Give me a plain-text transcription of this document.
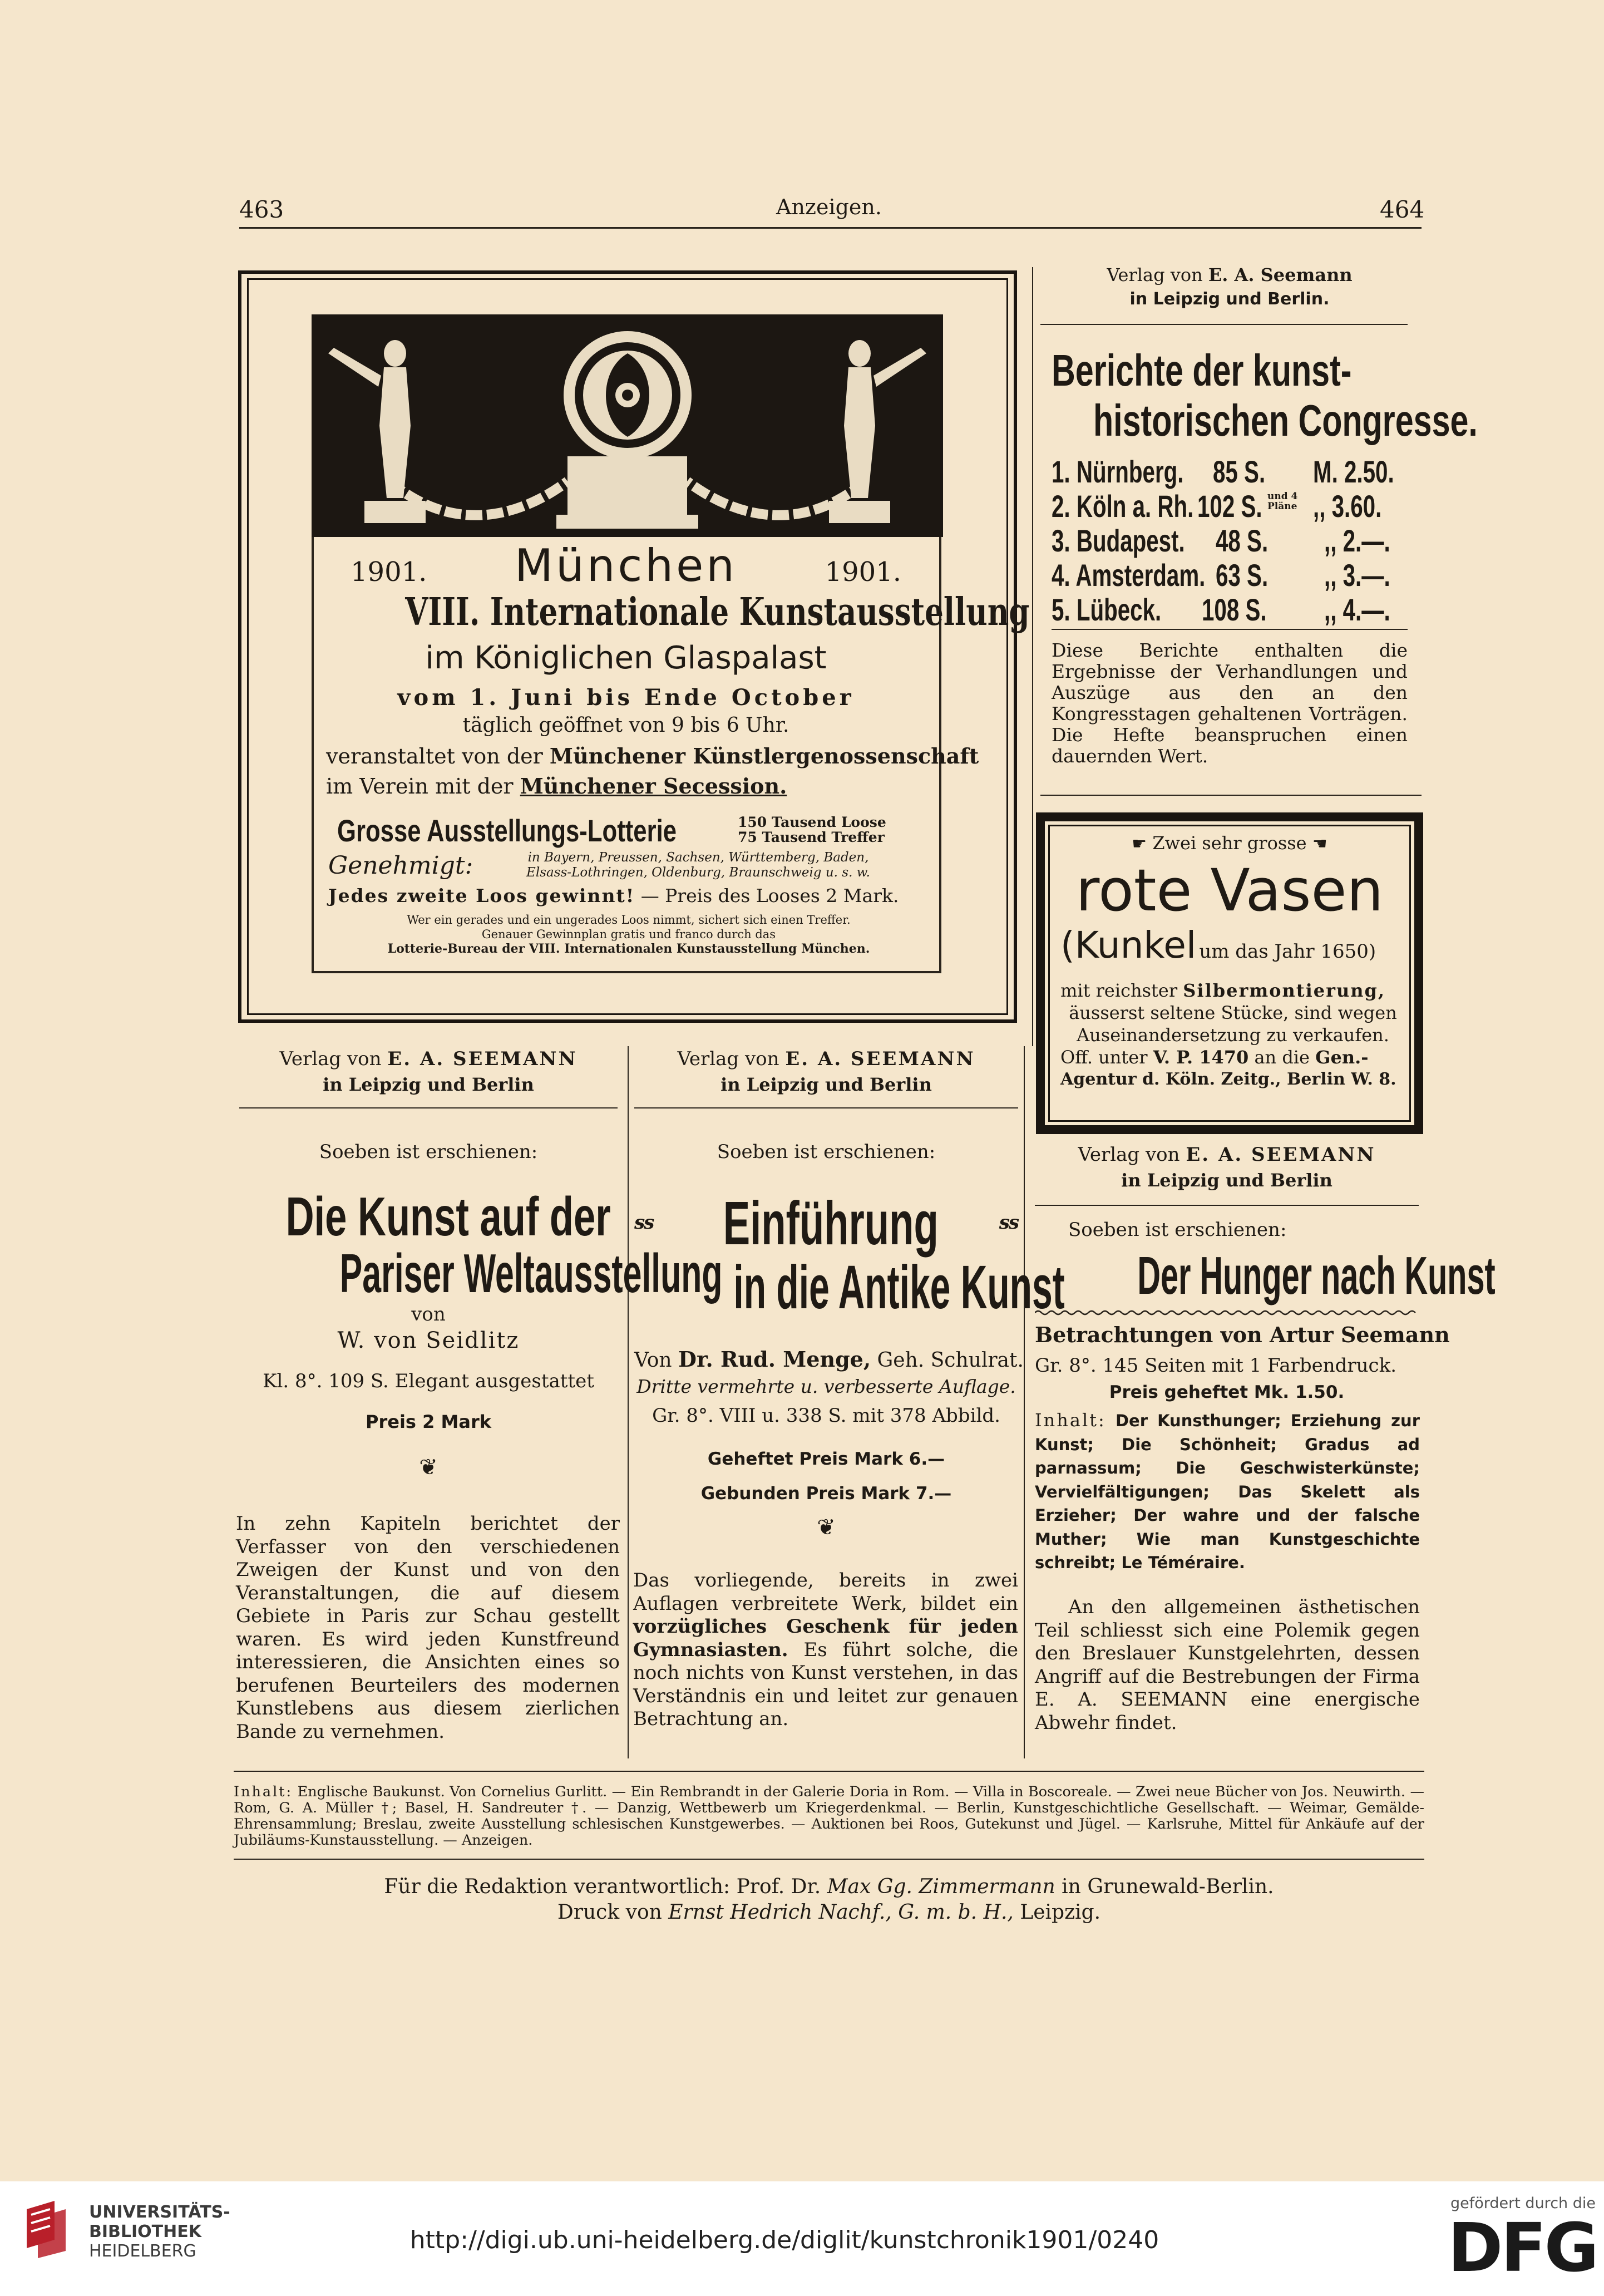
463	Anzeigen.	464
1901. München	1901.
VIII. Internationale Kunstausstellung
im Königlichen Glaspalast
vom 1. Juni bis Ende October
täglich geöffnet von 9 bis 6 Uhr.
veranstaltet von der Münchener Künstlergenossenschaft
im Verein mit der Münchener Secession.
Grosse Ausstellungs-Lotterie	150 Tausend Loose
75 Tausend Treffer
Genehmigt:	in Bayern, Preussen, Sachsen, Württemberg, Baden,
Elsass-Lothringen, Oldenburg, Braunschweig u. s. w.
Jedes zweite Loos gewinnt! — Preis des Looses 2 Mark.
Wer ein gerades und ein ungerades Loos nimmt, sichert sich einen Treffer.
Genauer Gewinnplan gratis und franco durch das
Lotterie-Bureau der VIII. Internationalen Kunstausstellung München.
Verlag von E. A. Seemann
in Leipzig und Berlin.
Berichte der kunst-
historischen Congresse.
1. Nürnberg. 85 S. M. 2.50.
2. Köln a. Rh. 102 S. und 4 Pläne ,, 3.60.
3. Budapest. 48 S. ,, 2.—.
4. Amsterdam. 63 S. ,, 3.—.
5. Lübeck. 108 S. ,, 4.—.
Diese Berichte enthalten die Ergebnisse der Verhandlungen und Auszüge aus den an den Kongresstagen gehaltenen Vorträgen. Die Hefte beanspruchen einen dauernden Wert.
☛ Zwei sehr grosse ☚
rote Vasen
(Kunkel um das Jahr 1650)
mit reichster Silbermontierung,
äusserst seltene Stücke, sind wegen
Auseinandersetzung zu verkaufen.
Off. unter V. P. 1470 an die Gen.-
Agentur d. Köln. Zeitg., Berlin W. 8.
Verlag von E. A. SEEMANN
in Leipzig und Berlin
Soeben ist erschienen:
Die Kunst auf der
Pariser Weltausstellung
von
W. von Seidlitz
Kl. 8°. 109 S. Elegant ausgestattet
Preis 2 Mark
❦
In zehn Kapiteln berichtet der Verfasser von den verschiedenen Zweigen der Kunst und von den Veranstaltungen, die auf diesem Gebiete in Paris zur Schau gestellt waren. Es wird jeden Kunstfreund interessieren, die Ansichten eines so berufenen Beurteilers des modernen Kunstlebens aus diesem zierlichen Bande zu vernehmen.
Verlag von E. A. SEEMANN
in Leipzig und Berlin
Soeben ist erschienen:
ss	Einführung	ss
in die Antike Kunst
Von Dr. Rud. Menge, Geh. Schulrat.
Dritte vermehrte u. verbesserte Auflage.
Gr. 8°. VIII u. 338 S. mit 378 Abbild.
Geheftet Preis Mark 6.—
Gebunden Preis Mark 7.—
❦
Das vorliegende, bereits in zwei Auflagen verbreitete Werk, bildet ein vorzügliches Geschenk für jeden Gymnasiasten. Es führt solche, die noch nichts von Kunst verstehen, in das Verständnis ein und leitet zur genauen Betrachtung an.
Verlag von E. A. SEEMANN
in Leipzig und Berlin
Soeben ist erschienen:
Der Hunger nach Kunst
Betrachtungen von Artur Seemann
Gr. 8°. 145 Seiten mit 1 Farbendruck.
Preis geheftet Mk. 1.50.
Inhalt: Der Kunsthunger; Erziehung zur Kunst; Die Schönheit; Gradus ad parnassum; Die Geschwisterkünste; Vervielfältigungen; Das Skelett als Erzieher; Der wahre und der falsche Muther; Wie man Kunstgeschichte schreibt; Le Téméraire.
An den allgemeinen ästhetischen Teil schliesst sich eine Polemik gegen den Breslauer Kunstgelehrten, dessen Angriff auf die Bestrebungen der Firma E. A. SEEMANN eine energische Abwehr findet.
Inhalt: Englische Baukunst. Von Cornelius Gurlitt. — Ein Rembrandt in der Galerie Doria in Rom. — Villa in Boscoreale. — Zwei neue Bücher von Jos. Neuwirth. — Rom, G. A. Müller †; Basel, H. Sandreuter †. — Danzig, Wettbewerb um Kriegerdenkmal. — Berlin, Kunstgeschichtliche Gesellschaft. — Weimar, Gemälde-Ehrensammlung; Breslau, zweite Ausstellung schlesischen Kunstgewerbes. — Auktionen bei Roos, Gutekunst und Jügel. — Karlsruhe, Mittel für Ankäufe auf der Jubiläums-Kunstausstellung. — Anzeigen.
Für die Redaktion verantwortlich: Prof. Dr. Max Gg. Zimmermann in Grunewald-Berlin.
Druck von Ernst Hedrich Nachf., G. m. b. H., Leipzig.
UNIVERSITÄTS-
BIBLIOTHEK
HEIDELBERG	http://digi.ub.uni-heidelberg.de/diglit/kunstchronik1901/0240
gefördert durch die
DFG
